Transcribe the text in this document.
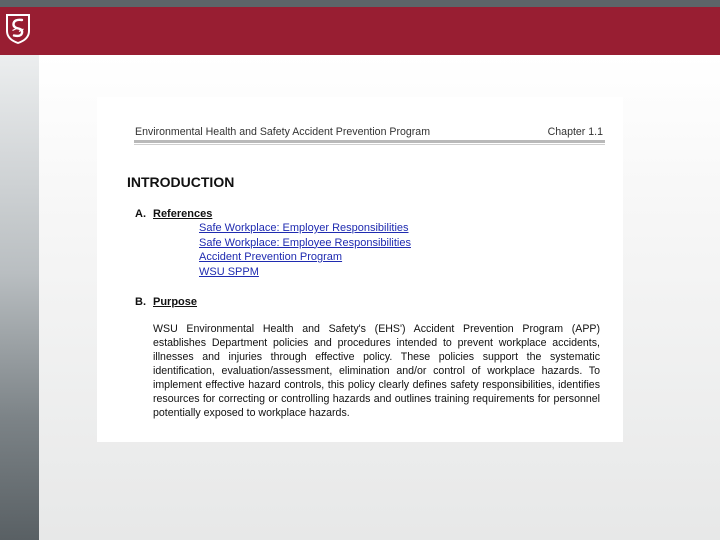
Environmental Health and Safety Accident Prevention Program	Chapter 1.1
INTRODUCTION
A. References
Safe Workplace: Employer Responsibilities
Safe Workplace: Employee Responsibilities
Accident Prevention Program
WSU SPPM
B. Purpose

WSU Environmental Health and Safety's (EHS') Accident Prevention Program (APP) establishes Department policies and procedures intended to prevent workplace accidents, illnesses and injuries through effective policy. These policies support the systematic identification, evaluation/assessment, elimination and/or control of workplace hazards. To implement effective hazard controls, this policy clearly defines safety responsibilities, identifies resources for correcting or controlling hazards and outlines training requirements for personnel potentially exposed to workplace hazards.
